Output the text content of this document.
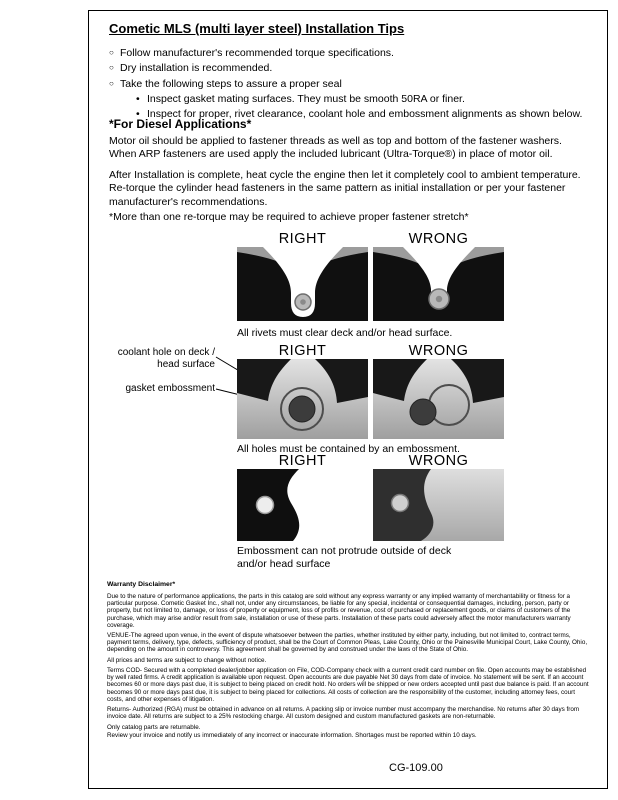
Cometic MLS (multi layer steel) Installation Tips
○ Follow manufacturer's recommended torque specifications.
○ Dry installation is recommended.
○ Take the following steps to assure a proper seal
• Inspect gasket mating surfaces. They must be smooth 50RA or finer.
• Inspect for proper, rivet clearance, coolant hole and embossment alignments as shown below.
*For Diesel Applications*

Motor oil should be applied to fastener threads as well as top and bottom of the fastener washers. When ARP fasteners are used apply the included lubricant (Ultra-Torque®) in place of motor oil.

After Installation is complete, heat cycle the engine then let it completely cool to ambient temperature. Re-torque the cylinder head fasteners in the same pattern as initial installation or per your fastener manufacturer's recommendations.

*More than one re-torque may be required to achieve proper fastener stretch*

RIGHT	WRONG
All rivets must clear deck and/or head surface.
RIGHT	WRONG
coolant hole on deck / head surface
gasket embossment
All holes must be contained by an embossment.
RIGHT	WRONG
Embossment can not protrude outside of deck and/or head surface
Warranty Disclaimer*

Due to the nature of performance applications, the parts in this catalog are sold without any express warranty or any implied warranty of merchantability or fitness for a particular purpose. Cometic Gasket Inc., shall not, under any circumstances, be liable for any special, incidental or consequential damages, including, person, party or property, but not limited to, damage, or loss of property or equipment, loss of profits or revenue, cost of purchased or replacement goods, or claims of customers of the purchase, which may arise and/or result from sale, installation or use of these parts. Installation of these parts could adversely affect the motor manufacturers warranty coverage.

VENUE-The agreed upon venue, in the event of dispute whatsoever between the parties, whether instituted by either party, including, but not limited to, contract terms, payment terms, delivery, type, defects, sufficiency of product, shall be the Court of Common Pleas, Lake County, Ohio or the Painesville Municipal Court, Lake County, Ohio, depending on the amount in controversy. This agreement shall be governed by and construed under the laws of the State of Ohio.

All prices and terms are subject to change without notice.

Terms COD- Secured with a completed dealer/jobber application on File, COD-Company check with a current credit card number on file. Open accounts may be established by well rated firms. A credit application is available upon request. Open accounts are due payable Net 30 days from date of invoice. No statement will be sent. If an account becomes 60 or more days past due, it is subject to being placed on credit hold. No orders will be shipped or new orders accepted until past due balance is paid. If an account becomes 90 or more days past due, it is subject to being placed for collections. All costs of collection are the responsibility of the customer, including attorney fees, court costs, and other expenses of litigation.

Returns- Authorized (RGA) must be obtained in advance on all returns. A packing slip or invoice number must accompany the merchandise. No returns after 30 days from invoice date. All returns are subject to a 25% restocking charge. All custom designed and custom manufactured gaskets are non-returnable.

Only catalog parts are returnable.

Review your invoice and notify us immediately of any incorrect or inaccurate information. Shortages must be reported within 10 days.

CG-109.00
